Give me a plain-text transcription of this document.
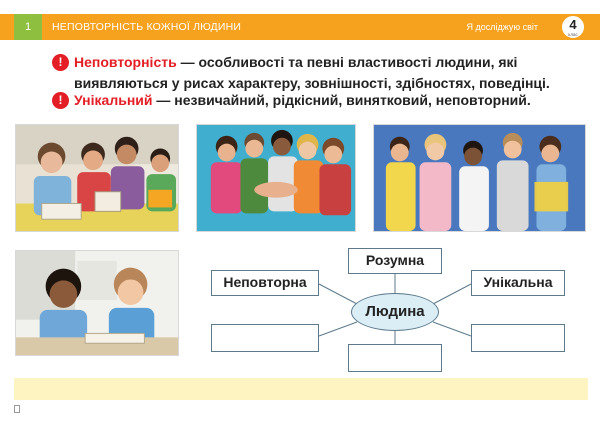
1	НЕПОВТОРНІСТЬ КОЖНОЇ ЛЮДИНИ	Я досліджую світ	4
клас
! Неповторність — особливості та певні властивості людини, які виявляються у рисах характеру, зовнішності, здібностях, поведінці.
! Унікальний — незвичайний, рідкісний, винятковий, неповторний.
Розумна
Неповторна	Унікальна
Людина
